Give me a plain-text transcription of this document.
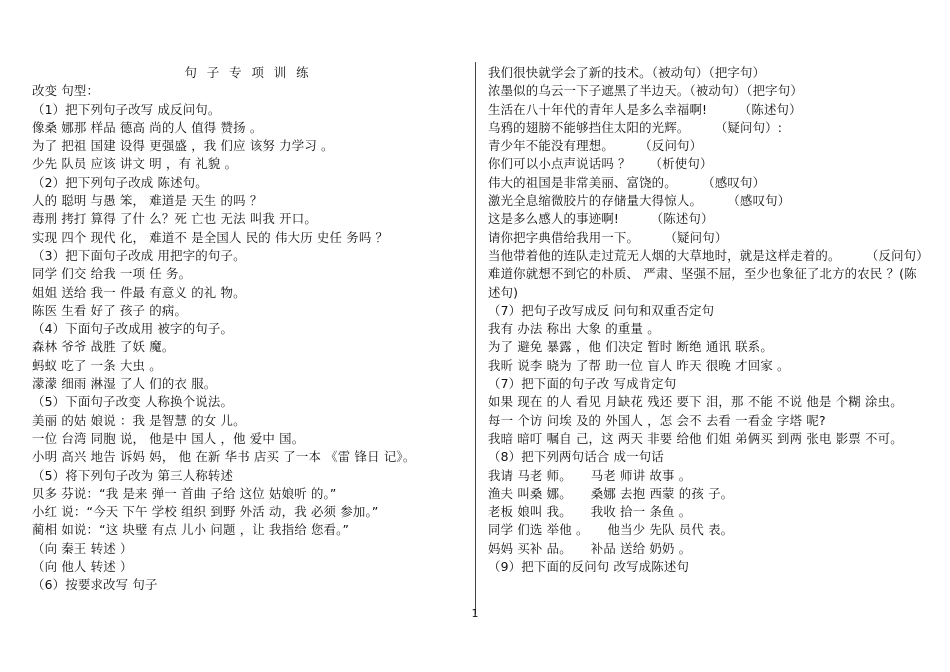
句 子 专 项 训 练
改变 句型：
（1）把下列句子改写 成反问句。
像桑 娜那 样品 德高 尚的人 值得 赞扬 。
为了 把祖 国建 设得 更强盛 ，我 们应 该努 力学习 。
少先 队员 应该 讲文 明 ，有 礼貌 。
（2）把下列句子改成 陈述句。
人的 聪明 与愚 笨， 难道是 天生 的吗 ？
毒刑 拷打 算得 了什 么？死 亡也 无法 叫我 开口。
实现 四个 现代 化， 难道不 是全国人 民的 伟大历 史任 务吗 ？
（3）把下面句子改成 用把字的句子。
同学 们交 给我 一项 任 务。
姐姐 送给 我一 件最 有意义 的礼 物。
陈医 生看 好了 孩子 的病。
（4）下面句子改成用 被字的句子。
森林 爷爷 战胜 了妖 魔。
蚂蚁 吃了 一条 大虫 。
濛濛 细雨 淋湿 了人 们的衣 服。
（5）下面句子改变 人称换个说法。
美丽 的姑 娘说 ：我 是智慧 的女 儿。
一位 台湾 同胞 说， 他是中 国人 ，他 爱中 国。
小明 高兴 地告 诉妈 妈， 他 在新 华书 店买 了一本 《雷 锋日 记》。
（5）将下列句子改为 第三人称转述
贝多 芬说：“我 是来 弹一 首曲 子给 这位 姑娘听 的。”
小红 说：“今天 下午 学校 组织 到野 外活 动，我 必须 参加。”
蔺相 如说：“这 块璧 有点 儿小 问题 ，让 我指给 您看。”
（向 秦王 转述 ）
（向 他人 转述 ）
（6）按要求改写 句子
我们很快就学会了新的技术。（被动句）（把字句）
浓墨似的乌云一下子遮黑了半边天。（被动句）（把字句）
生活在八十年代的青年人是多么幸福啊!　　　（陈述句）
乌鸦的翅膀不能够挡住太阳的光辉。　　　（疑问句）:
青少年不能没有理想。　　　（反问句）
你们可以小点声说话吗 ？　　（析使句）
伟大的祖国是非常美丽、富饶的。　　　（感叹句）
激光全息缩微胶片的存储量大得惊人。　　　（感叹句）
这是多么感人的事迹啊!　　　（陈述句）
请你把字典借给我用一下。　　　（疑问句）
当他带着他的连队走过荒无人烟的大草地时，就是这样走着的。　　　（反问句）
难道你就想不到它的朴质、 严肃、坚强不屈，至少也象征了北方的农民 ？(陈述句)
（7）把句子改写成反 问句和双重否定句
我有 办法 称出 大象 的重量 。
为了 避免 暴露 ，他 们决定 暂时 断绝 通讯 联系。
我昕 说李 晓为 了帮 助一位 盲人 昨天 很晚 才回家 。
（7）把下面的句子改 写成肯定句
如果 现在 的人 看见 月缺花 残还 要下 泪，那 不能 不说 他是 个糊 涂虫。
每一 个访 问埃 及的 外国人 ，怎 会不 去看 一看金 字塔 呢?
我暗 暗叮 嘱自 己，这 两天 非要 给他 们姐 弟俩买 到两 张电 影票 不可。
（8）把下列两句话合 成一句话
我请 马老 师。　　马老 师讲 故事 。
渔夫 叫桑 娜。　　桑娜 去抱 西蒙 的孩 子。
老板 娘叫 我。　　我收 拾一 条鱼 。
同学 们选 举他 。　　他当少 先队 员代 表。
妈妈 买补 品。　　补品 送给 奶奶 。
（9）把下面的反问句 改写成陈述句
1
